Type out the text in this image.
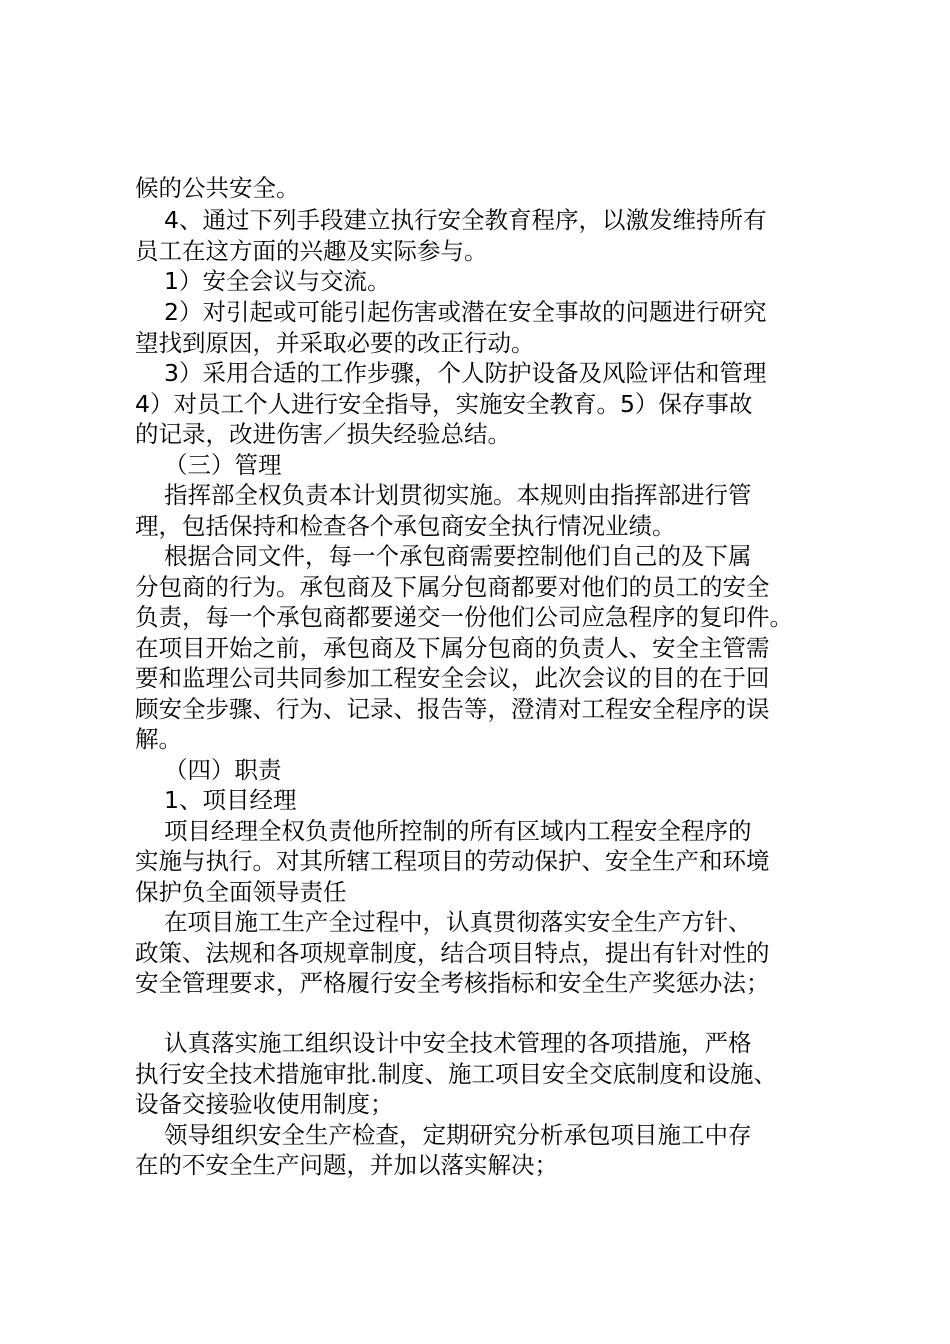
候的公共安全。
4、通过下列手段建立执行安全教育程序，以激发维持所有
员工在这方面的兴趣及实际参与。
1）安全会议与交流。
2）对引起或可能引起伤害或潜在安全事故的问题进行研究
望找到原因，并采取必要的改正行动。
3）采用合适的工作步骤，个人防护设备及风险评估和管理
4）对员工个人进行安全指导，实施安全教育。5）保存事故
的记录，改进伤害／损失经验总结。
（三）管理
指挥部全权负责本计划贯彻实施。本规则由指挥部进行管
理，包括保持和检查各个承包商安全执行情况业绩。
根据合同文件，每一个承包商需要控制他们自己的及下属
分包商的行为。承包商及下属分包商都要对他们的员工的安全
负责，每一个承包商都要递交一份他们公司应急程序的复印件。
在项目开始之前，承包商及下属分包商的负责人、安全主管需
要和监理公司共同参加工程安全会议，此次会议的目的在于回
顾安全步骤、行为、记录、报告等，澄清对工程安全程序的误
解。
（四）职责
1、项目经理
项目经理全权负责他所控制的所有区域内工程安全程序的
实施与执行。对其所辖工程项目的劳动保护、安全生产和环境
保护负全面领导责任
在项目施工生产全过程中，认真贯彻落实安全生产方针、
政策、法规和各项规章制度，结合项目特点，提出有针对性的
安全管理要求，严格履行安全考核指标和安全生产奖惩办法；
认真落实施工组织设计中安全技术管理的各项措施，严格
执行安全技术措施审批.制度、施工项目安全交底制度和设施、
设备交接验收使用制度；
领导组织安全生产检查，定期研究分析承包项目施工中存
在的不安全生产问题，并加以落实解决；
